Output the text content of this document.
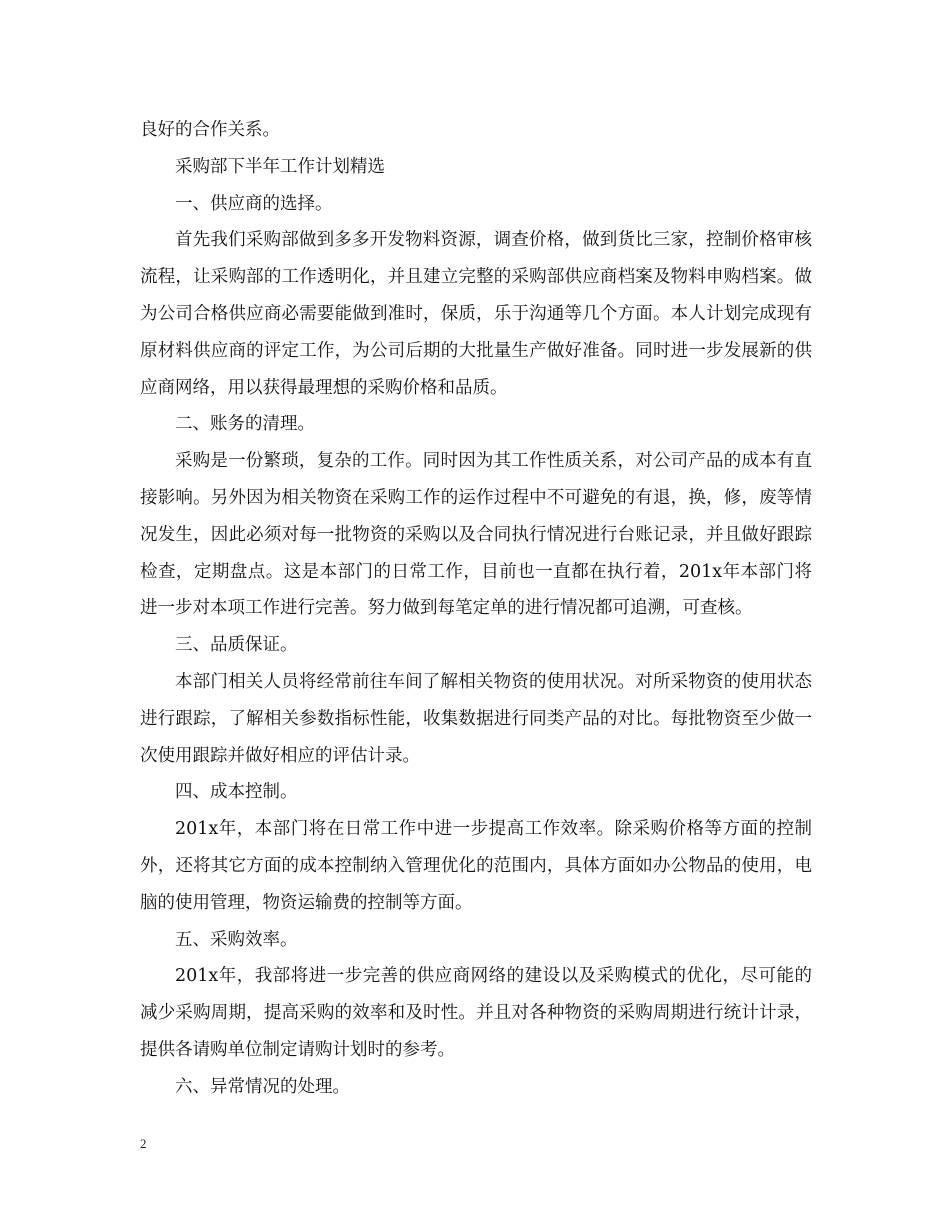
良好的合作关系。

采购部下半年工作计划精选

一、供应商的选择。

首先我们采购部做到多多开发物料资源，调查价格，做到货比三家，控制价格审核流程，让采购部的工作透明化，并且建立完整的采购部供应商档案及物料申购档案。做为公司合格供应商必需要能做到准时，保质，乐于沟通等几个方面。本人计划完成现有原材料供应商的评定工作，为公司后期的大批量生产做好准备。同时进一步发展新的供应商网络，用以获得最理想的采购价格和品质。

二、账务的清理。

采购是一份繁琐，复杂的工作。同时因为其工作性质关系，对公司产品的成本有直接影响。另外因为相关物资在采购工作的运作过程中不可避免的有退，换，修，废等情况发生，因此必须对每一批物资的采购以及合同执行情况进行台账记录，并且做好跟踪检查，定期盘点。这是本部门的日常工作，目前也一直都在执行着，201x年本部门将进一步对本项工作进行完善。努力做到每笔定单的进行情况都可追溯，可查核。

三、品质保证。

本部门相关人员将经常前往车间了解相关物资的使用状况。对所采物资的使用状态进行跟踪，了解相关参数指标性能，收集数据进行同类产品的对比。每批物资至少做一次使用跟踪并做好相应的评估计录。

四、成本控制。

201x年，本部门将在日常工作中进一步提高工作效率。除采购价格等方面的控制外，还将其它方面的成本控制纳入管理优化的范围内，具体方面如办公物品的使用，电脑的使用管理，物资运输费的控制等方面。

五、采购效率。

201x年，我部将进一步完善的供应商网络的建设以及采购模式的优化，尽可能的减少采购周期，提高采购的效率和及时性。并且对各种物资的采购周期进行统计计录，提供各请购单位制定请购计划时的参考。

六、异常情况的处理。

2
